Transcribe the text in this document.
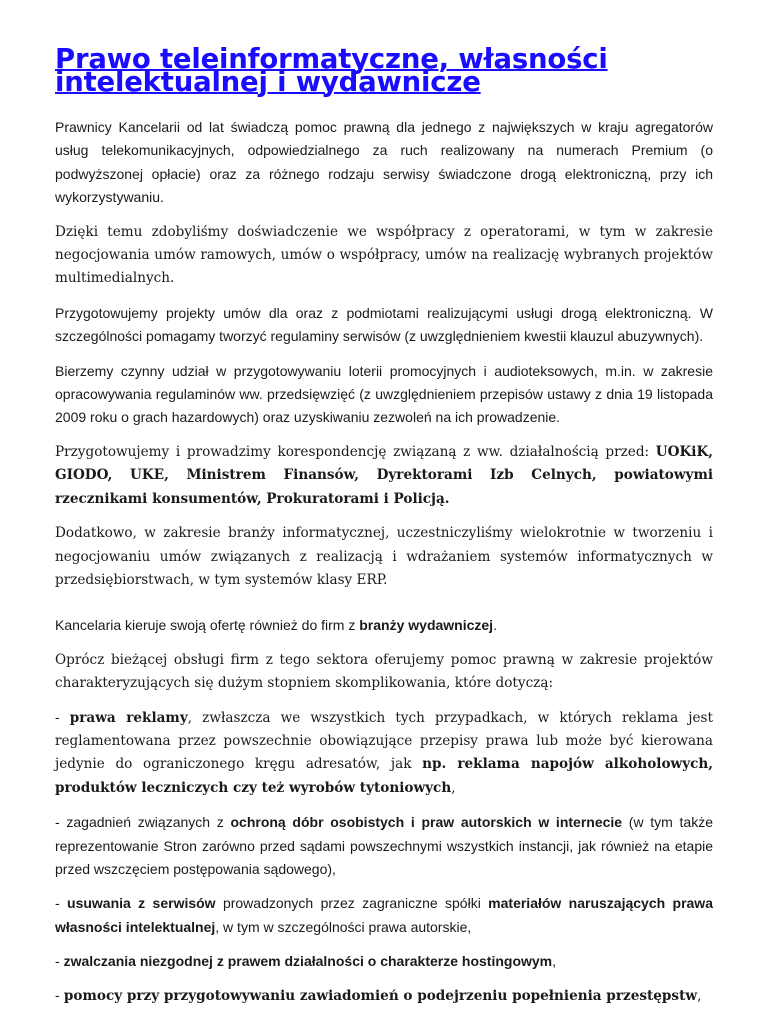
Prawo teleinformatyczne, własności intelektualnej i wydawnicze

Prawnicy Kancelarii od lat świadczą pomoc prawną dla jednego z największych w kraju agregatorów usług telekomunikacyjnych, odpowiedzialnego za ruch realizowany na numerach Premium (o podwyższonej opłacie) oraz za różnego rodzaju serwisy świadczone drogą elektroniczną, przy ich wykorzystywaniu.

Dzięki temu zdobyliśmy doświadczenie we współpracy z operatorami, w tym w zakresie negocjowania umów ramowych, umów o współpracy, umów na realizację wybranych projektów multimedialnych.

Przygotowujemy projekty umów dla oraz z podmiotami realizującymi usługi drogą elektroniczną. W szczególności pomagamy tworzyć regulaminy serwisów (z uwzględnieniem kwestii klauzul abuzywnych).

Bierzemy czynny udział w przygotowywaniu loterii promocyjnych i audioteksowych, m.in. w zakresie opracowywania regulaminów ww. przedsięwzięć (z uwzględnieniem przepisów ustawy z dnia 19 listopada 2009 roku o grach hazardowych) oraz uzyskiwaniu zezwoleń na ich prowadzenie.

Przygotowujemy i prowadzimy korespondencję związaną z ww. działalnością przed: UOKiK, GIODO, UKE, Ministrem Finansów, Dyrektorami Izb Celnych, powiatowymi rzecznikami konsumentów, Prokuratorami i Policją.

Dodatkowo, w zakresie branży informatycznej, uczestniczyliśmy wielokrotnie w tworzeniu i negocjowaniu umów związanych z realizacją i wdrażaniem systemów informatycznych w przedsiębiorstwach, w tym systemów klasy ERP.

Kancelaria kieruje swoją ofertę również do firm z branży wydawniczej.

Oprócz bieżącej obsługi firm z tego sektora oferujemy pomoc prawną w zakresie projektów charakteryzujących się dużym stopniem skomplikowania, które dotyczą:

- prawa reklamy, zwłaszcza we wszystkich tych przypadkach, w których reklama jest reglamentowana przez powszechnie obowiązujące przepisy prawa lub może być kierowana jedynie do ograniczonego kręgu adresatów, jak np. reklama napojów alkoholowych, produktów leczniczych czy też wyrobów tytoniowych,

- zagadnień związanych z ochroną dóbr osobistych i praw autorskich w internecie (w tym także reprezentowanie Stron zarówno przed sądami powszechnymi wszystkich instancji, jak również na etapie przed wszczęciem postępowania sądowego),

- usuwania z serwisów prowadzonych przez zagraniczne spółki materiałów naruszających prawa własności intelektualnej, w tym w szczególności prawa autorskie,

- zwalczania niezgodnej z prawem działalności o charakterze hostingowym,

- pomocy przy przygotowywaniu zawiadomień o podejrzeniu popełnienia przestępstw,
